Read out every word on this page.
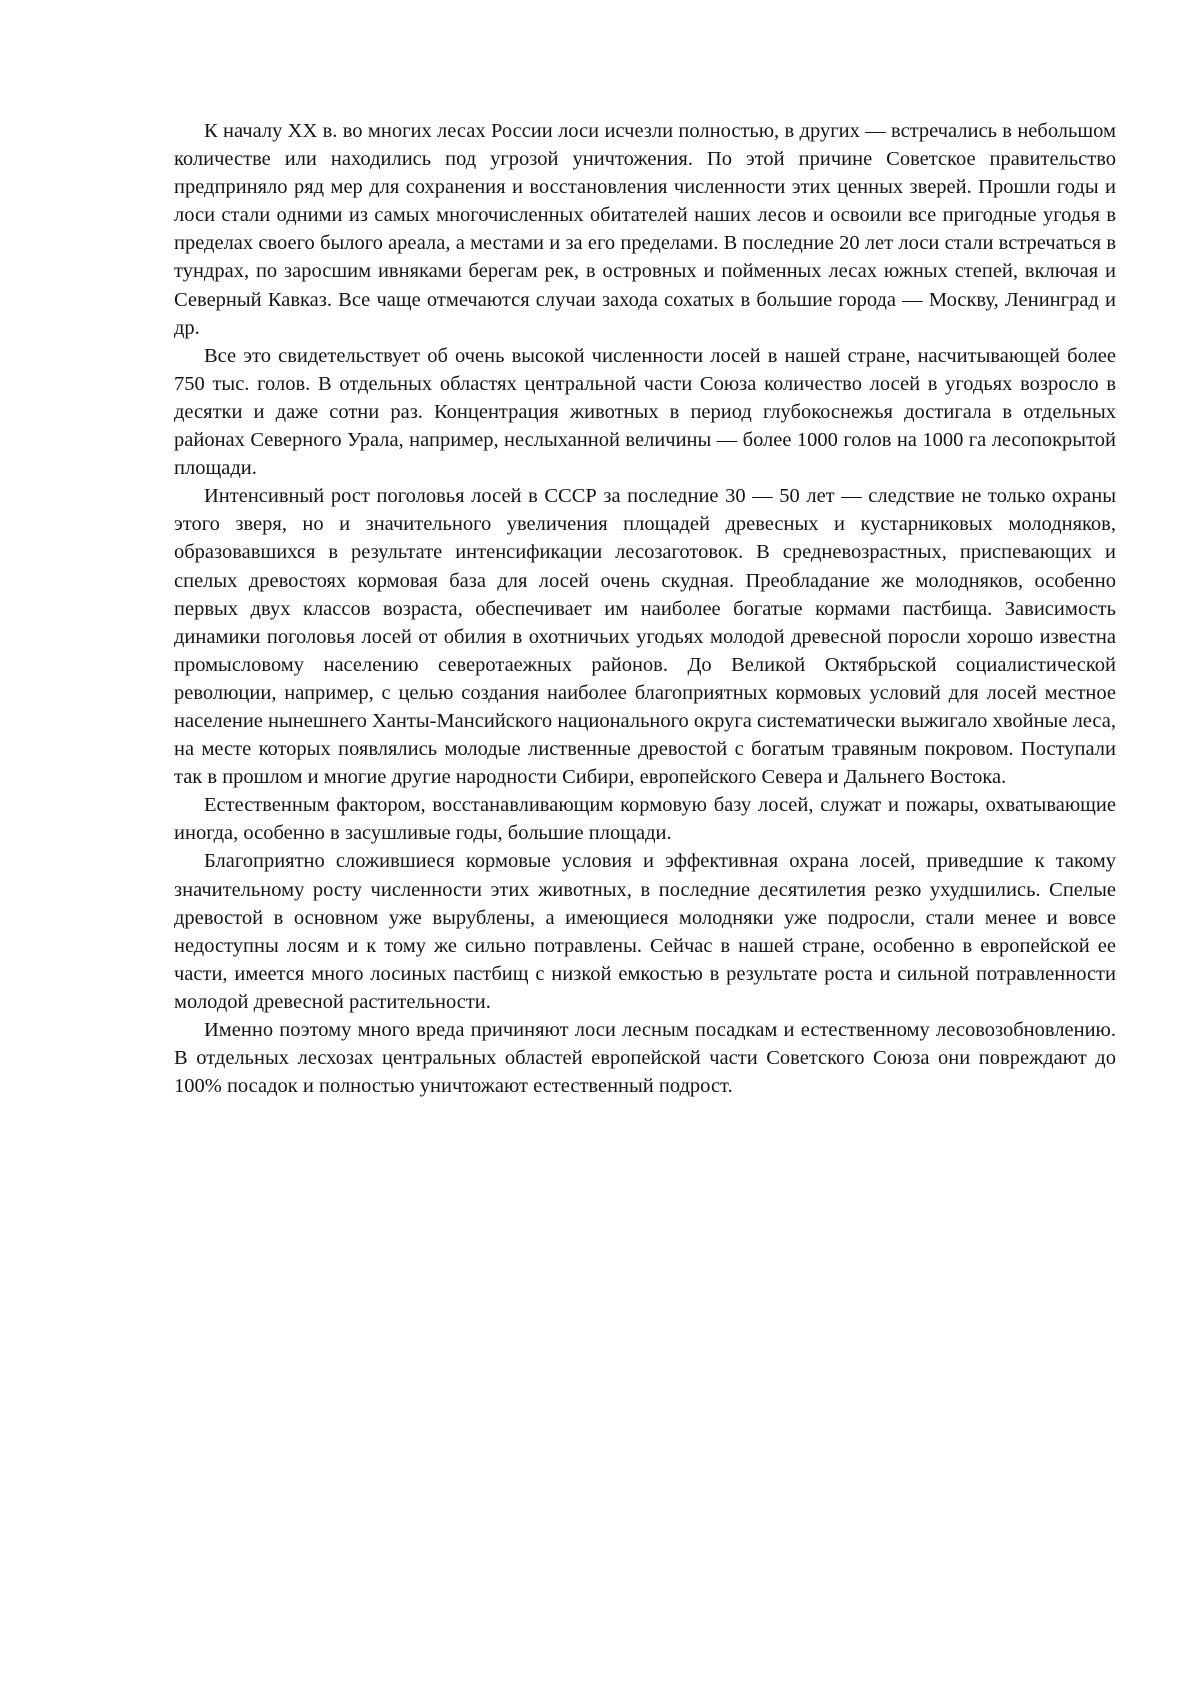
К началу XX в. во многих лесах России лоси исчезли полностью, в других — встречались в небольшом количестве или находились под угрозой уничтожения. По этой причине Советское правительство предприняло ряд мер для сохранения и восстановления численности этих ценных зверей. Прошли годы и лоси стали одними из самых многочисленных обитателей наших лесов и освоили все пригодные угодья в пределах своего былого ареала, а местами и за его пределами. В последние 20 лет лоси стали встречаться в тундрах, по заросшим ивняками берегам рек, в островных и пойменных лесах южных степей, включая и Северный Кавказ. Все чаще отмечаются случаи захода сохатых в большие города — Москву, Ленинград и др.

Все это свидетельствует об очень высокой численности лосей в нашей стране, насчитывающей более 750 тыс. голов. В отдельных областях центральной части Союза количество лосей в угодьях возросло в десятки и даже сотни раз. Концентрация животных в период глубокоснежья достигала в отдельных районах Северного Урала, например, неслыханной величины — более 1000 голов на 1000 га лесопокрытой площади.

Интенсивный рост поголовья лосей в СССР за последние 30 — 50 лет — следствие не только охраны этого зверя, но и значительного увеличения площадей древесных и кустарниковых молодняков, образовавшихся в результате интенсификации лесозаготовок. В средневозрастных, приспевающих и спелых древостоях кормовая база для лосей очень скудная. Преобладание же молодняков, особенно первых двух классов возраста, обеспечивает им наиболее богатые кормами пастбища. Зависимость динамики поголовья лосей от обилия в охотничьих угодьях молодой древесной поросли хорошо известна промысловому населению северотаежных районов. До Великой Октябрьской социалистической революции, например, с целью создания наиболее благоприятных кормовых условий для лосей местное население нынешнего Ханты-Мансийского национального округа систематически выжигало хвойные леса, на месте которых появлялись молодые лиственные древостой с богатым травяным покровом. Поступали так в прошлом и многие другие народности Сибири, европейского Севера и Дальнего Востока.

Естественным фактором, восстанавливающим кормовую базу лосей, служат и пожары, охватывающие иногда, особенно в засушливые годы, большие площади.

Благоприятно сложившиеся кормовые условия и эффективная охрана лосей, приведшие к такому значительному росту численности этих животных, в последние десятилетия резко ухудшились. Спелые древостой в основном уже вырублены, а имеющиеся молодняки уже подросли, стали менее и вовсе недоступны лосям и к тому же сильно потравлены. Сейчас в нашей стране, особенно в европейской ее части, имеется много лосиных пастбищ с низкой емкостью в результате роста и сильной потравленности молодой древесной растительности.

Именно поэтому много вреда причиняют лоси лесным посадкам и естественному лесовозобновлению. В отдельных лесхозах центральных областей европейской части Советского Союза они повреждают до 100% посадок и полностью уничтожают естественный подрост.
